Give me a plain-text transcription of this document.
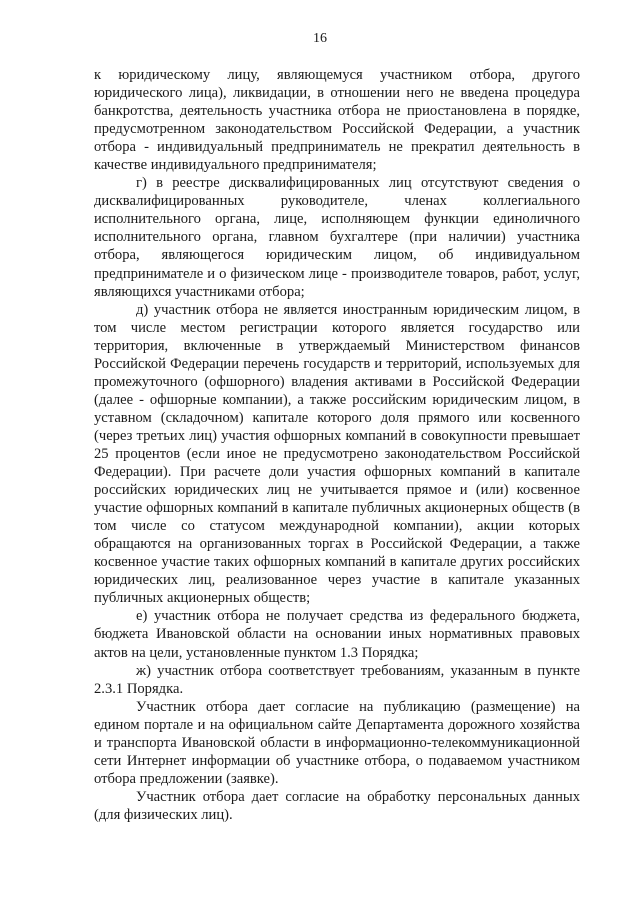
16

к юридическому лицу, являющемуся участником отбора, другого юридического лица), ликвидации, в отношении него не введена процедура банкротства, деятельность участника отбора не приостановлена в порядке, предусмотренном законодательством Российской Федерации, а участник отбора - индивидуальный предприниматель не прекратил деятельность в качестве индивидуального предпринимателя;

г) в реестре дисквалифицированных лиц отсутствуют сведения о дисквалифицированных руководителе, членах коллегиального исполнительного органа, лице, исполняющем функции единоличного исполнительного органа, главном бухгалтере (при наличии) участника отбора, являющегося юридическим лицом, об индивидуальном предпринимателе и о физическом лице - производителе товаров, работ, услуг, являющихся участниками отбора;

д) участник отбора не является иностранным юридическим лицом, в том числе местом регистрации которого является государство или территория, включенные в утверждаемый Министерством финансов Российской Федерации перечень государств и территорий, используемых для промежуточного (офшорного) владения активами в Российской Федерации (далее - офшорные компании), а также российским юридическим лицом, в уставном (складочном) капитале которого доля прямого или косвенного (через третьих лиц) участия офшорных компаний в совокупности превышает 25 процентов (если иное не предусмотрено законодательством Российской Федерации). При расчете доли участия офшорных компаний в капитале российских юридических лиц не учитывается прямое и (или) косвенное участие офшорных компаний в капитале публичных акционерных обществ (в том числе со статусом международной компании), акции которых обращаются на организованных торгах в Российской Федерации, а также косвенное участие таких офшорных компаний в капитале других российских юридических лиц, реализованное через участие в капитале указанных публичных акционерных обществ;

е) участник отбора не получает средства из федерального бюджета, бюджета Ивановской области на основании иных нормативных правовых актов на цели, установленные пунктом 1.3 Порядка;

ж) участник отбора соответствует требованиям, указанным в пункте 2.3.1 Порядка.

Участник отбора дает согласие на публикацию (размещение) на едином портале и на официальном сайте Департамента дорожного хозяйства и транспорта Ивановской области в информационно-телекоммуникационной сети Интернет информации об участнике отбора, о подаваемом участником отбора предложении (заявке).

Участник отбора дает согласие на обработку персональных данных (для физических лиц).
